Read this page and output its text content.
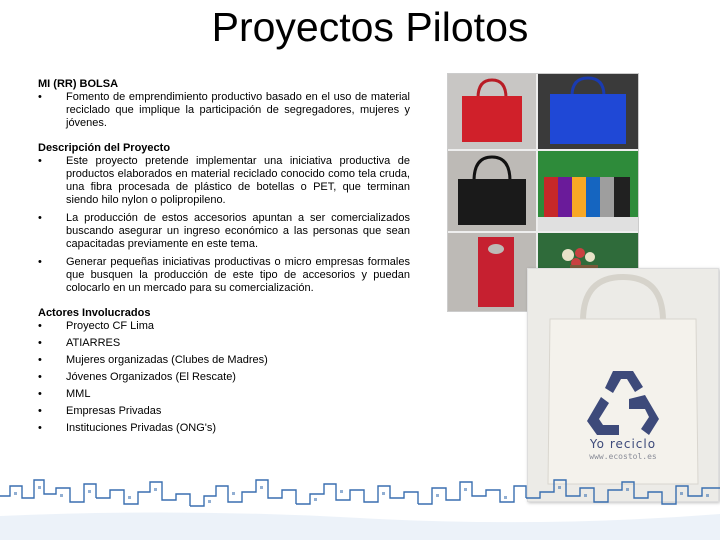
Proyectos Pilotos
MI (RR) BOLSA
• Fomento de emprendimiento productivo basado en el uso de material reciclado que implique la participación de segregadores, mujeres y jóvenes.
Descripción del Proyecto
• Este proyecto pretende implementar una iniciativa productiva de productos elaborados en material reciclado conocido como tela cruda, una fibra procesada de plástico de botellas o PET, que terminan siendo hilo nylon o polipropileno.
• La producción de estos accesorios apuntan a ser comercializados buscando asegurar un ingreso económico a las personas que sean capacitadas previamente en este tema.
• Generar pequeñas iniciativas productivas o micro empresas formales que busquen la producción de este tipo de accesorios y puedan colocarlo en un mercado para su comercialización.
Actores Involucrados
• Proyecto CF Lima
• ATIARRES
• Mujeres organizadas (Clubes de Madres)
• Jóvenes Organizados (El Rescate)
• MML
• Empresas Privadas
• Instituciones Privadas (ONG's)
Yo reciclo
www.ecostol.es
